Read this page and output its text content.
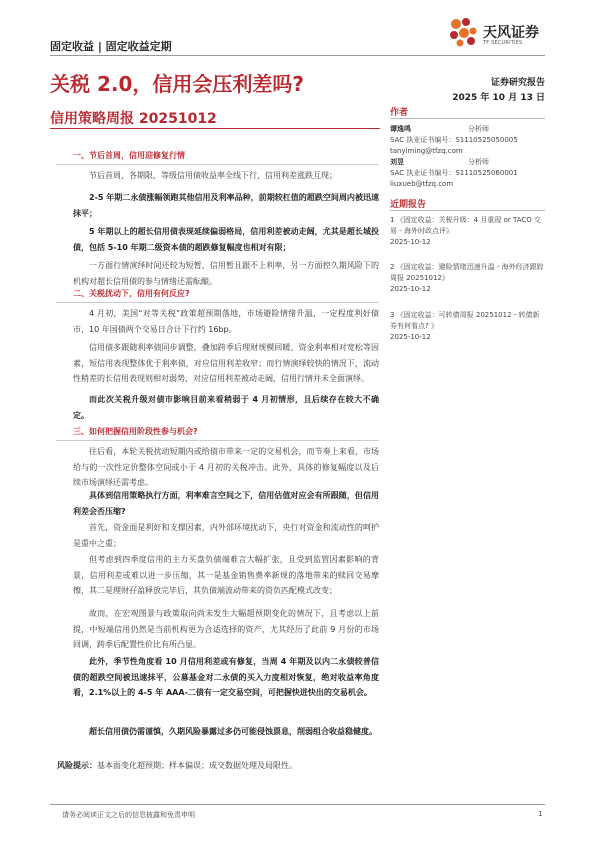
固定收益 | 固定收益定期
天风证券
TF SECURITIES
关税 2.0，信用会压利差吗?
信用策略周报 20251012
证券研究报告
2025 年 10 月 13 日
作者
谭逸鸣	分析师
SAC 执业证书编号：S1110525050005
tanyiming@tfzq.com
刘昱	分析师
SAC 执业证书编号：S1110525060001
liuxueb@tfzq.com
近期报告
1 《固定收益：关税升级：4 月重现 or TACO 交易 - 海外时政点评》
2025-10-12
2 《固定收益：避险情绪迅速升温 - 海外经济跟踪周报 20251012》
2025-10-12
3 《固定收益：可转债周报 20251012 - 转债新券有何看点? 》
2025-10-12
一、节后首周，信用迎修复行情
节后首周，各期限、等级信用债收益率全线下行，信用利差涨跌互现；
2-5 年期二永债涨幅领跑其他信用及利率品种，前期较杠值的超跌空间周内被迅速抹平；
5 年期以上的超长信用债表现延续偏弱格局，信用利差被动走阔，尤其是超长城投债，包括 5-10 年期二级资本债的超跌修复幅度也相对有限；
一方面行情演绎时间还较为短暂，信用暂且跟不上利率，另一方面控久期风险下的机构对超长信用债的参与情绪还需酝酿。
二、关税扰动下，信用有何反应?
4 月初，美国“对等关税”政策超预期落地，市场避险情绪升温，一定程度利好债市，10 年国债两个交易日合计下行约 16bp。
信用债多跟随利率债同步调整，叠加跨季后理财规模回暖、资金利率相对宽松等因素，短信用表现整体优于利率债，对应信用利差收窄；而行情演绎较快的情况下，流动性稍差的长信用表现则相对弱势，对应信用利差被动走阔，信用行情并未全面演绎。
而此次关税升级对债市影响目前来看稍弱于 4 月初情形，且后续存在较大不确定。
三、如何把握信用阶段性参与机会?
往后看，本轮关税扰动短期内或给债市带来一定的交易机会，而节奏上来看，市场给与的一次性定价整体空间或小于 4 月初的关税冲击。此外，具体的修复幅度以及后续市场演绎还需考虑。
具体到信用策略执行方面，利率难言空间之下，信用估值对应会有所跟随，但信用利差会否压缩?
首先，资金面是利好和支撑因素，内外部环境扰动下，央行对资金和流动性的呵护是重中之重；
但考虑到四季度信用的主力买盘负债端难言大幅扩张，且受到监管因素影响的背景，信用利差或难以进一步压缩，其一是基金销售费率新规的落地带来的赎回交易摩擦，其二是理财孖盈释放完毕后，其负债端波动带来的资负匹配模式改变；
故而，在宏观图景与政策取向尚未发生大幅超预期变化的情况下，且考虑以上前提，中短端信用仍然是当前机构更为合适选择的资产，尤其经历了此前 9 月份的市场回调，跨季后配置性价比有所凸显。
此外，季节性角度看 10 月信用利差或有修复，当周 4 年期及以内二永债较普信债的超跌空间被迅速抹平，公募基金对二永债的买入力度相对恢复，绝对收益率角度看，2.1%以上的 4-5 年 AAA-二债有一定交易空间，可把握快进快出的交易机会。
超长信用债仍需谨慎，久期风险暴露过多仍可能侵蚀票息，削弱组合收益稳健度。
风险提示：基本面变化超预期；样本偏误；成交数据处理及局限性。
请务必阅读正文之后的信息披露和免责申明	1
